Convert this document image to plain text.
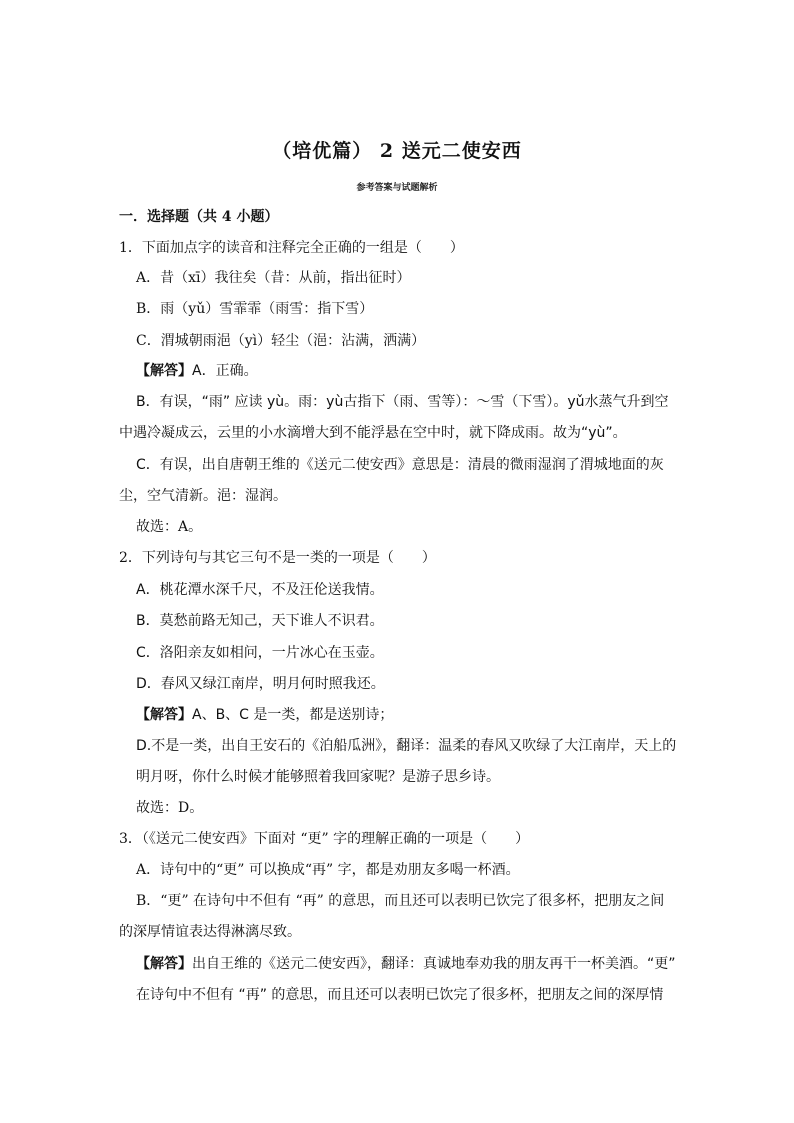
（培优篇） 2 送元二使安西
参考答案与试题解析
一．选择题（共 4 小题）
1．下面加点字的读音和注释完全正确的一组是（　　）
A．昔（xī）我往矣（昔：从前，指出征时）
B．雨（yǔ）雪霏霏（雨雪：指下雪）
C．渭城朝雨浥（yì）轻尘（浥：沾满，洒满）
【解答】A．正确。
B．有误，“雨” 应读 yù。雨：yù古指下（雨、雪等）：～雪（下雪）。yǔ水蒸气升到空
中遇冷凝成云，云里的小水滴增大到不能浮悬在空中时，就下降成雨。故为“yù”。
C．有误，出自唐朝王维的《送元二使安西》意思是：清晨的微雨湿润了渭城地面的灰
尘，空气清新。浥：湿润。
故选：A。
2．下列诗句与其它三句不是一类的一项是（　　）
A．桃花潭水深千尺，不及汪伦送我情。
B．莫愁前路无知己，天下谁人不识君。
C．洛阳亲友如相问，一片冰心在玉壶。
D．春风又绿江南岸，明月何时照我还。
【解答】A、B、C 是一类，都是送别诗；
D.不是一类，出自王安石的《泊船瓜洲》，翻译：温柔的春风又吹绿了大江南岸，天上的
明月呀，你什么时候才能够照着我回家呢？是游子思乡诗。
故选：D。
3．（《送元二使安西》下面对 “更” 字的理解正确的一项是（　　）
A．诗句中的“更” 可以换成“再” 字，都是劝朋友多喝一杯酒。
B．“更” 在诗句中不但有 “再” 的意思，而且还可以表明已饮完了很多杯，把朋友之间
的深厚情谊表达得淋漓尽致。
【解答】出自王维的《送元二使安西》，翻译：真诚地奉劝我的朋友再干一杯美酒。“更”
在诗句中不但有 “再” 的意思，而且还可以表明已饮完了很多杯，把朋友之间的深厚情
